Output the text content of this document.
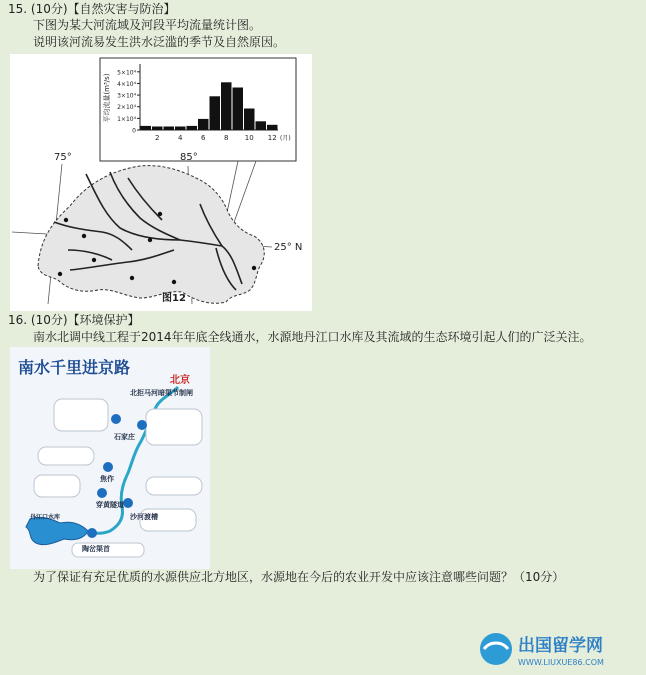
15. (10分)【自然灾害与防治】
下图为某大河流域及河段平均流量统计图。
说明该河流易发生洪水泛滥的季节及自然原因。
0
1×10⁴
2×10⁴
3×10⁴
4×10⁴
5×10⁴
2	4	6	8 10 12 (月)
平均流量(m³/s)
75°	85°
25° N
图12
16. (10分)【环境保护】
南水北调中线工程于2014年年底全线通水，水源地丹江口水库及其流域的生态环境引起人们的广泛关注。
南水千里进京路
北京
北拒马河暗渠节制闸
石家庄
焦作
穿黄隧道
沙河渡槽
陶岔渠首
丹江口水库
为了保证有充足优质的水源供应北方地区，水源地在今后的农业开发中应该注意哪些问题？（10分）
出国留学网
WWW.LIUXUE86.COM
